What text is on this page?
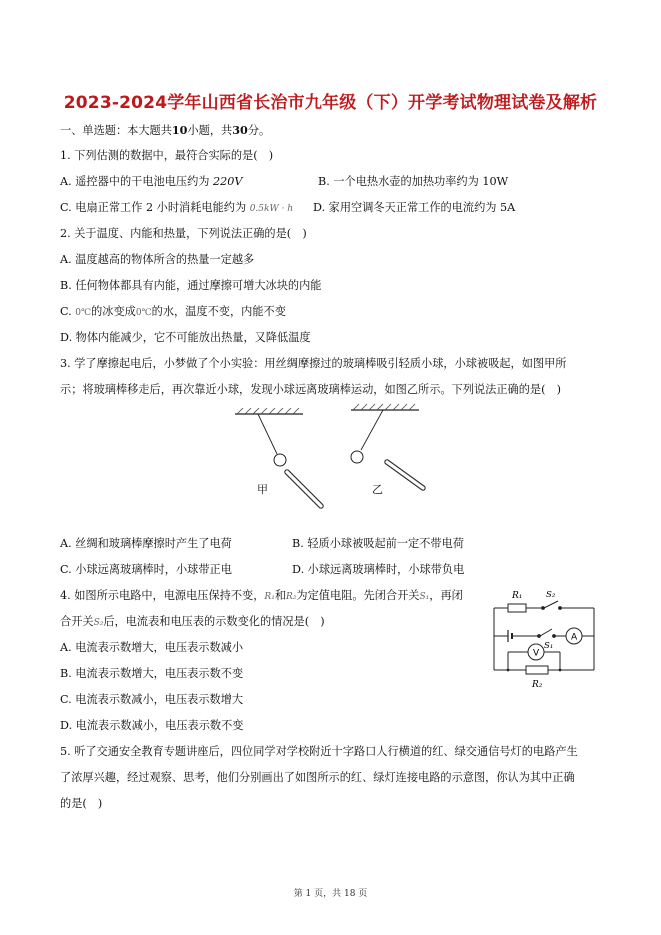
2023-2024学年山西省长治市九年级（下）开学考试物理试卷及解析
一、单选题：本大题共10小题，共30分。
1. 下列估测的数据中，最符合实际的是(　)
A. 遥控器中的干电池电压约为 220V	B. 一个电热水壶的加热功率约为 10W
C. 电扇正常工作 2 小时消耗电能约为 0.5kW · h D. 家用空调冬天正常工作的电流约为 5A
2. 关于温度、内能和热量，下列说法正确的是(　)
A. 温度越高的物体所含的热量一定越多
B. 任何物体都具有内能，通过摩擦可增大冰块的内能
C. 0℃的冰变成0℃的水，温度不变，内能不变
D. 物体内能减少，它不可能放出热量，又降低温度
3. 学了摩擦起电后，小梦做了个小实验：用丝绸摩擦过的玻璃棒吸引轻质小球，小球被吸起，如图甲所
示；将玻璃棒移走后，再次靠近小球，发现小球远离玻璃棒运动，如图乙所示。下列说法正确的是(　)
甲	乙
A. 丝绸和玻璃棒摩擦时产生了电荷	B. 轻质小球被吸起前一定不带电荷
C. 小球远离玻璃棒时，小球带正电	D. 小球远离玻璃棒时，小球带负电
4. 如图所示电路中，电源电压保持不变，R₁和R₂为定值电阻。先闭合开关S₁，再闭
合开关S₂后，电流表和电压表的示数变化的情况是(　)
A. 电流表示数增大，电压表示数减小
B. 电流表示数增大，电压表示数不变
C. 电流表示数减小，电压表示数增大
D. 电流表示数减小，电压表示数不变
R₁	S₂
S₁
A
V
R₂
5. 听了交通安全教育专题讲座后，四位同学对学校附近十字路口人行横道的红、绿交通信号灯的电路产生
了浓厚兴趣，经过观察、思考，他们分别画出了如图所示的红、绿灯连接电路的示意图，你认为其中正确
的是(　)
第 1 页，共 18 页
